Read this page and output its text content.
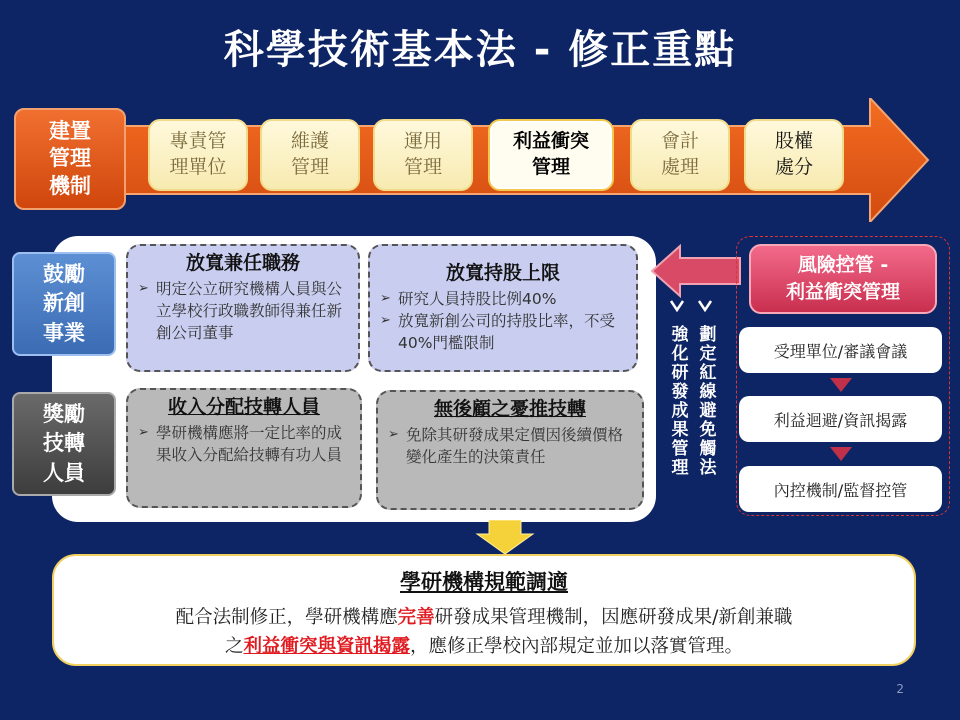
科學技術基本法 - 修正重點
建置
管理
機制
專責管
理單位
維護
管理
運用
管理
利益衝突
管理
會計
處理
股權
處分
鼓勵
新創
事業
獎勵
技轉
人員
放寬兼任職務
➢ 明定公立研究機構人員與公立學校行政職教師得兼任新創公司董事
放寬持股上限
➢ 研究人員持股比例40%
➢ 放寬新創公司的持股比率，不受40%門檻限制
收入分配技轉人員
➢ 學研機構應將一定比率的成果收入分配給技轉有功人員
無後顧之憂推技轉
➢ 免除其研發成果定價因後續價格變化產生的決策責任
強
化
研
發
成
果
管
理
劃
定
紅
線
避
免
觸
法
風險控管 -
利益衝突管理
受理單位/審議會議
利益迴避/資訊揭露
內控機制/監督控管
學研機構規範調適
配合法制修正，學研機構應完善研發成果管理機制，因應研發成果/新創兼職
之利益衝突與資訊揭露，應修正學校內部規定並加以落實管理。
2
